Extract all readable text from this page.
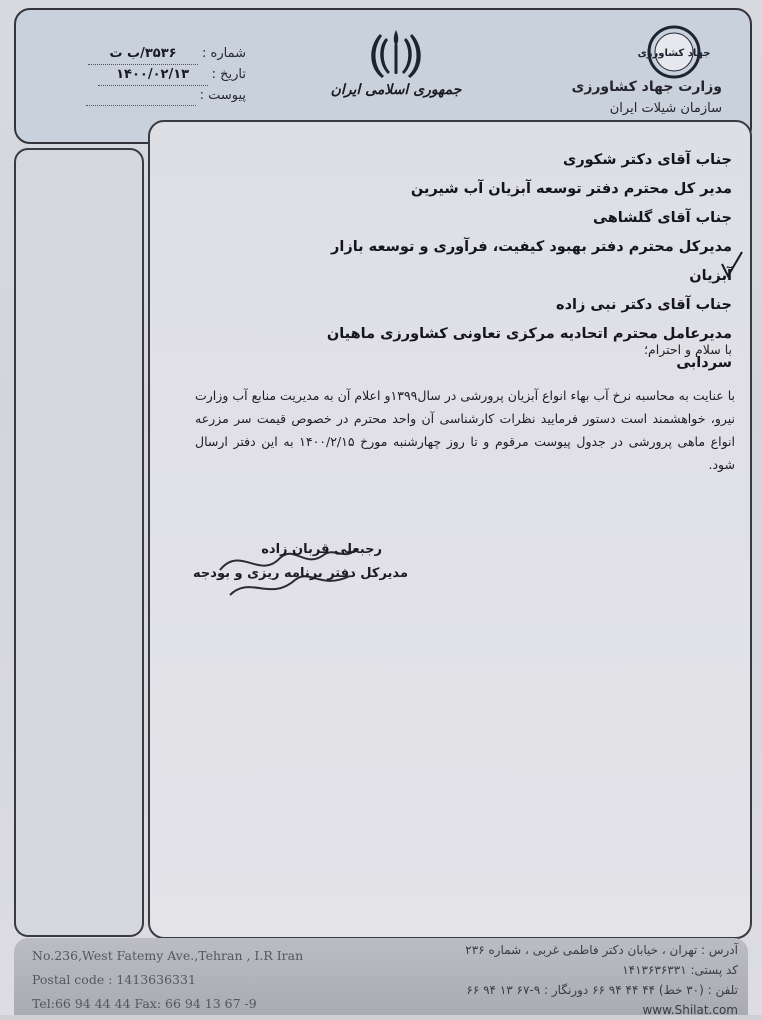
شماره :
۳۵۳۶/ب ت
تاریخ :
۱۴۰۰/۰۲/۱۳
پیوست :	جمهوری اسلامی ایران
جهاد کشاورزی
وزارت جهاد کشاورزی
سازمان شیلات ایران
جناب آقای دکتر شکوری
مدیر کل محترم دفتر توسعه آبزیان آب شیرین
جناب آقای گلشاهی
مدیرکل محترم دفتر بهبود کیفیت، فرآوری و توسعه بازار آبزیان
جناب آقای دکتر نبی زاده
مدیرعامل محترم اتحادیه مرکزی تعاونی کشاورزی ماهیان سردابی
با سلام و احترام؛
با عنایت به محاسبه نرخ آب بهاء انواع آبزیان پرورشی در سال۱۳۹۹و اعلام آن به مدیریت منابع آب وزارت نیرو، خواهشمند است دستور فرمایید نظرات کارشناسی آن واحد محترم در خصوص قیمت سر مزرعه انواع ماهی پرورشی در جدول پیوست مرقوم و تا روز چهارشنبه مورخ ۱۴۰۰/۲/۱۵ به این دفتر ارسال شود.
رجبعلی قربان زاده
مدیرکل دفتر برنامه ریزی و بودجه
No.236,West Fatemy Ave.,Tehran , I.R Iran
Postal code : 1413636331
Tel:66 94 44 44 Fax: 66 94 13 67 -9
آدرس : تهران ، خیابان دکتر فاطمی غربی ، شماره ۲۳۶
کد پستی: ۱۴۱۳۶۳۶۳۳۱
تلفن : (۳۰ خط) ۴۴ ۴۴ ۹۴ ۶۶ دورنگار : ۹-۶۷ ۱۳ ۹۴ ۶۶
www.Shilat.com
